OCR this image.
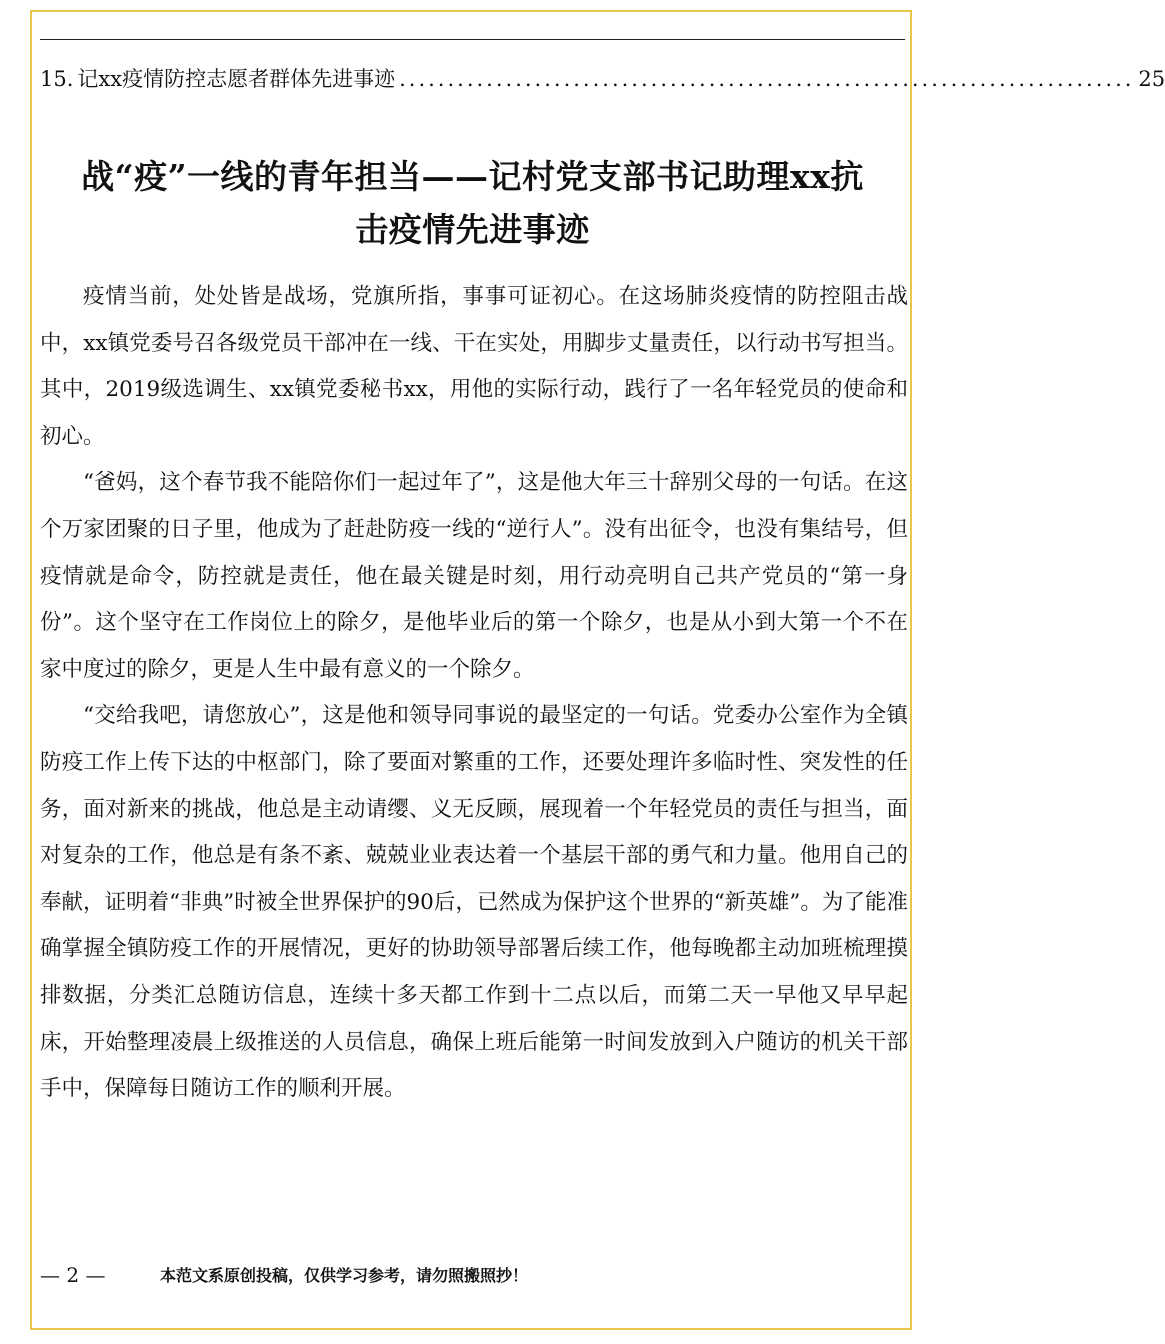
15. 记xx疫情防控志愿者群体先进事迹 ............................................................................ 25
战“疫”一线的青年担当——记村党支部书记助理xx抗
击疫情先进事迹

疫情当前，处处皆是战场，党旗所指，事事可证初心。在这场肺炎疫情的防控阻击战中，xx镇党委号召各级党员干部冲在一线、干在实处，用脚步丈量责任，以行动书写担当。其中，2019级选调生、xx镇党委秘书xx，用他的实际行动，践行了一名年轻党员的使命和初心。

“爸妈，这个春节我不能陪你们一起过年了”，这是他大年三十辞别父母的一句话。在这个万家团聚的日子里，他成为了赶赴防疫一线的“逆行人”。没有出征令，也没有集结号，但疫情就是命令，防控就是责任，他在最关键是时刻，用行动亮明自己共产党员的“第一身份”。这个坚守在工作岗位上的除夕，是他毕业后的第一个除夕，也是从小到大第一个不在家中度过的除夕，更是人生中最有意义的一个除夕。

“交给我吧，请您放心”，这是他和领导同事说的最坚定的一句话。党委办公室作为全镇防疫工作上传下达的中枢部门，除了要面对繁重的工作，还要处理许多临时性、突发性的任务，面对新来的挑战，他总是主动请缨、义无反顾，展现着一个年轻党员的责任与担当，面对复杂的工作，他总是有条不紊、兢兢业业表达着一个基层干部的勇气和力量。他用自己的奉献，证明着“非典”时被全世界保护的90后，已然成为保护这个世界的“新英雄”。为了能准确掌握全镇防疫工作的开展情况，更好的协助领导部署后续工作，他每晚都主动加班梳理摸排数据，分类汇总随访信息，连续十多天都工作到十二点以后，而第二天一早他又早早起床，开始整理凌晨上级推送的人员信息，确保上班后能第一时间发放到入户随访的机关干部手中，保障每日随访工作的顺利开展。

— 2 —	本范文系原创投稿，仅供学习参考，请勿照搬照抄！
